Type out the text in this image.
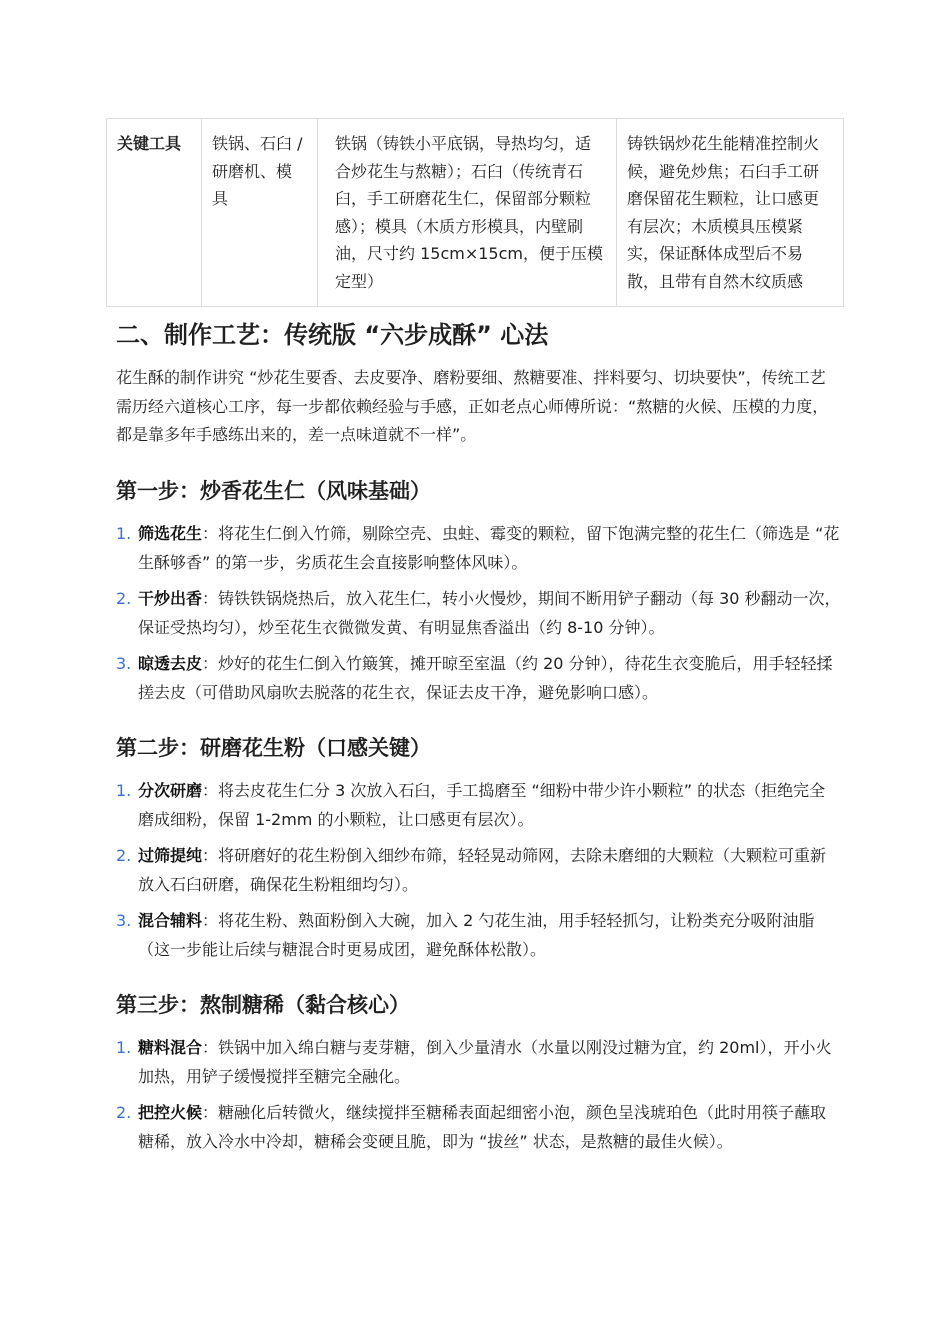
关键工具	铁锅、石臼 / 研磨机、模具	铁锅（铸铁小平底锅，导热均匀，适合炒花生与熬糖）；石臼（传统青石臼，手工研磨花生仁，保留部分颗粒感）；模具（木质方形模具，内壁刷油，尺寸约 15cm×15cm，便于压模定型）	铸铁锅炒花生能精准控制火候，避免炒焦；石臼手工研磨保留花生颗粒，让口感更有层次；木质模具压模紧实，保证酥体成型后不易散，且带有自然木纹质感
二、制作工艺：传统版 “六步成酥” 心法

花生酥的制作讲究 “炒花生要香、去皮要净、磨粉要细、熬糖要准、拌料要匀、切块要快”，传统工艺需历经六道核心工序，每一步都依赖经验与手感，正如老点心师傅所说：“熬糖的火候、压模的力度，都是靠多年手感练出来的，差一点味道就不一样”。

第一步：炒香花生仁（风味基础）
1. 筛选花生：将花生仁倒入竹筛，剔除空壳、虫蛀、霉变的颗粒，留下饱满完整的花生仁（筛选是 “花生酥够香” 的第一步，劣质花生会直接影响整体风味）。
2. 干炒出香：铸铁铁锅烧热后，放入花生仁，转小火慢炒，期间不断用铲子翻动（每 30 秒翻动一次，保证受热均匀），炒至花生衣微微发黄、有明显焦香溢出（约 8-10 分钟）。
3. 晾透去皮：炒好的花生仁倒入竹簸箕，摊开晾至室温（约 20 分钟），待花生衣变脆后，用手轻轻揉搓去皮（可借助风扇吹去脱落的花生衣，保证去皮干净，避免影响口感）。
第二步：研磨花生粉（口感关键）
1. 分次研磨：将去皮花生仁分 3 次放入石臼，手工捣磨至 “细粉中带少许小颗粒” 的状态（拒绝完全磨成细粉，保留 1-2mm 的小颗粒，让口感更有层次）。
2. 过筛提纯：将研磨好的花生粉倒入细纱布筛，轻轻晃动筛网，去除未磨细的大颗粒（大颗粒可重新放入石臼研磨，确保花生粉粗细均匀）。
3. 混合辅料：将花生粉、熟面粉倒入大碗，加入 2 勺花生油，用手轻轻抓匀，让粉类充分吸附油脂（这一步能让后续与糖混合时更易成团，避免酥体松散）。
第三步：熬制糖稀（黏合核心）
1. 糖料混合：铁锅中加入绵白糖与麦芽糖，倒入少量清水（水量以刚没过糖为宜，约 20ml），开小火加热，用铲子缓慢搅拌至糖完全融化。
2. 把控火候：糖融化后转微火，继续搅拌至糖稀表面起细密小泡，颜色呈浅琥珀色（此时用筷子蘸取糖稀，放入冷水中冷却，糖稀会变硬且脆，即为 “拔丝” 状态，是熬糖的最佳火候）。
